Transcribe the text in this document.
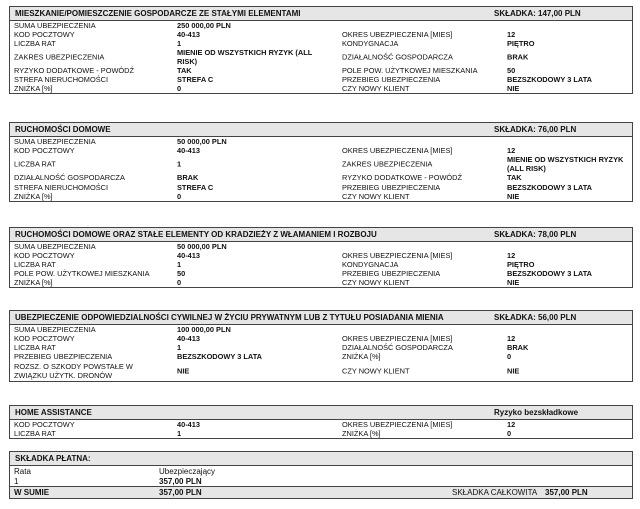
MIESZKANIE/POMIESZCZENIE GOSPODARCZE ZE STAŁYMI ELEMENTAMI	SKŁADKA: 147,00 PLN
SUMA UBEZPIECZENIA	250 000,00 PLN
KOD POCZTOWY	40-413	OKRES UBEZPIECZENIA [MIES]	12
LICZBA RAT	1	KONDYGNACJA	PIĘTRO
ZAKRES UBEZPIECZENIA	MIENIE OD WSZYSTKICH RYZYK (ALL RISK)	DZIAŁALNOŚĆ GOSPODARCZA	BRAK
RYZYKO DODATKOWE - POWÓDŹ	TAK	POLE POW. UŻYTKOWEJ MIESZKANIA	50
STREFA NIERUCHOMOŚCI	STREFA C	PRZEBIEG UBEZPIECZENIA	BEZSZKODOWY 3 LATA
ZNIŻKA [%]	0	CZY NOWY KLIENT	NIE
RUCHOMOŚCI DOMOWE	SKŁADKA: 76,00 PLN
SUMA UBEZPIECZENIA	50 000,00 PLN
KOD POCZTOWY	40-413	OKRES UBEZPIECZENIA [MIES]	12
LICZBA RAT	1	ZAKRES UBEZPIECZENIA	MIENIE OD WSZYSTKICH RYZYK (ALL RISK)
DZIAŁALNOŚĆ GOSPODARCZA	BRAK	RYZYKO DODATKOWE - POWÓDŹ	TAK
STREFA NIERUCHOMOŚCI	STREFA C	PRZEBIEG UBEZPIECZENIA	BEZSZKODOWY 3 LATA
ZNIŻKA [%]	0	CZY NOWY KLIENT	NIE
RUCHOMOŚCI DOMOWE ORAZ STAŁE ELEMENTY OD KRADZIEŻY Z WŁAMANIEM I ROZBOJU	SKŁADKA: 78,00 PLN
SUMA UBEZPIECZENIA	50 000,00 PLN
KOD POCZTOWY	40-413	OKRES UBEZPIECZENIA [MIES]	12
LICZBA RAT	1	KONDYGNACJA	PIĘTRO
POLE POW. UŻYTKOWEJ MIESZKANIA	50	PRZEBIEG UBEZPIECZENIA	BEZSZKODOWY 3 LATA
ZNIŻKA [%]	0	CZY NOWY KLIENT	NIE
UBEZPIECZENIE ODPOWIEDZIALNOŚCI CYWILNEJ W ŻYCIU PRYWATNYM LUB Z TYTUŁU POSIADANIA MIENIA	SKŁADKA: 56,00 PLN
SUMA UBEZPIECZENIA	100 000,00 PLN
KOD POCZTOWY	40-413	OKRES UBEZPIECZENIA [MIES]	12
LICZBA RAT	1	DZIAŁALNOŚĆ GOSPODARCZA	BRAK
PRZEBIEG UBEZPIECZENIA	BEZSZKODOWY 3 LATA	ZNIŻKA [%]	0
ROZSZ. O SZKODY POWSTAŁE W ZWIĄZKU UŻYTK. DRONÓW	NIE	CZY NOWY KLIENT	NIE
HOME ASSISTANCE	Ryzyko bezskładkowe
KOD POCZTOWY	40-413	OKRES UBEZPIECZENIA [MIES]	12
LICZBA RAT	1	ZNIŻKA [%]	0
SKŁADKA PŁATNA:
Rata	Ubezpieczający
1	357,00 PLN
W SUMIE	357,00 PLN	SKŁADKA CAŁKOWITA 357,00 PLN
